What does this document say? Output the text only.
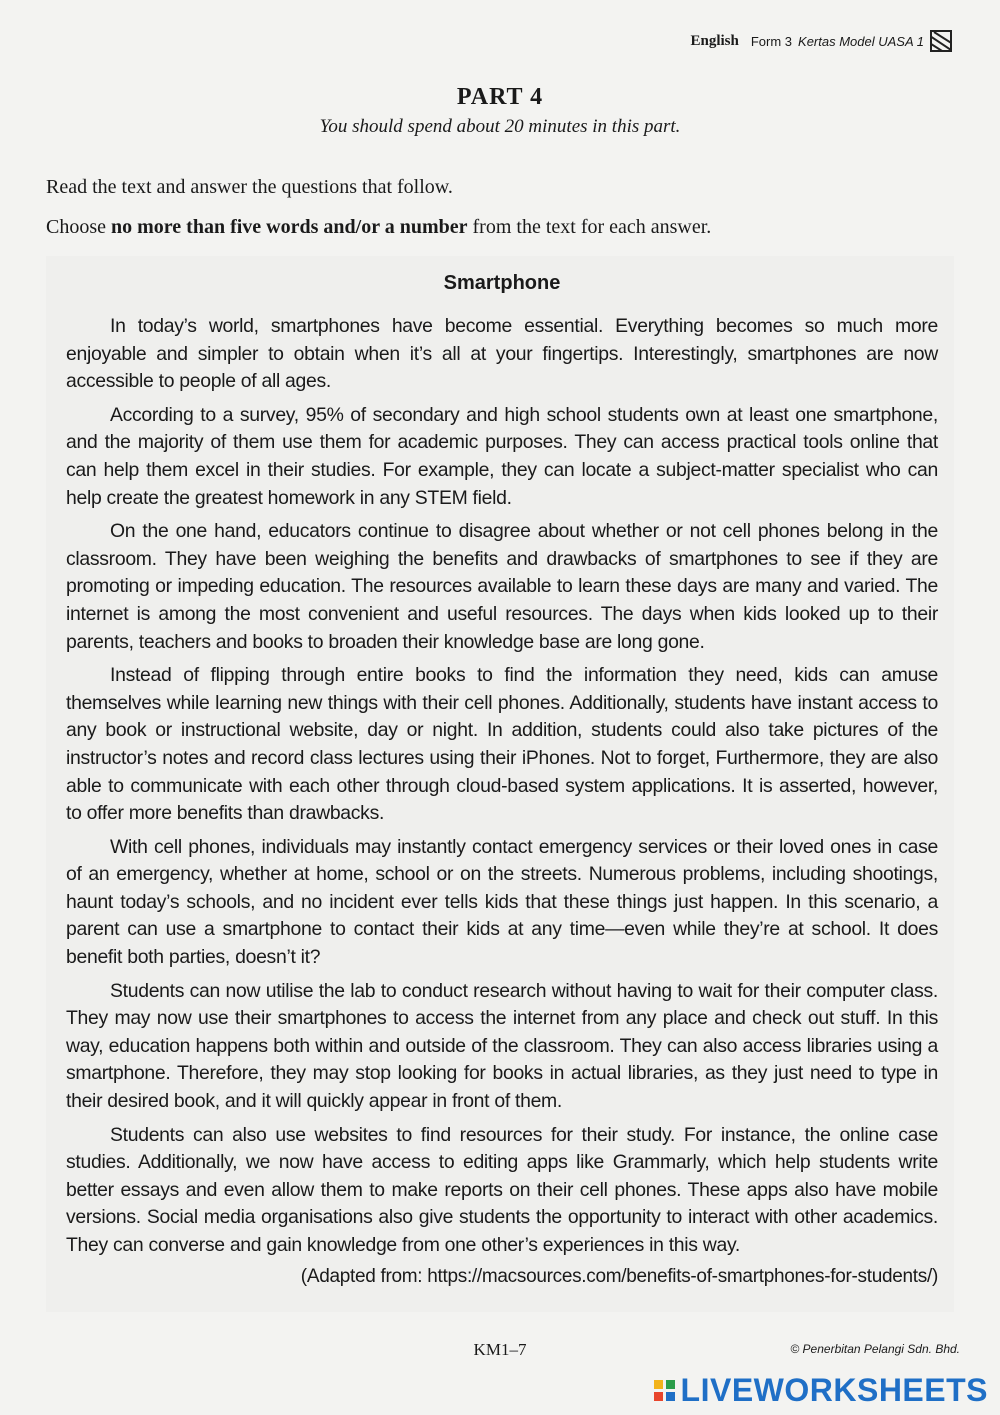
English Form 3 Kertas Model UASA 1
PART 4
You should spend about 20 minutes in this part.
Read the text and answer the questions that follow.
Choose no more than five words and/or a number from the text for each answer.
Smartphone

In today’s world, smartphones have become essential. Everything becomes so much more enjoyable and simpler to obtain when it’s all at your fingertips. Interestingly, smartphones are now accessible to people of all ages.

According to a survey, 95% of secondary and high school students own at least one smartphone, and the majority of them use them for academic purposes. They can access practical tools online that can help them excel in their studies. For example, they can locate a subject-matter specialist who can help create the greatest homework in any STEM field.

On the one hand, educators continue to disagree about whether or not cell phones belong in the classroom. They have been weighing the benefits and drawbacks of smartphones to see if they are promoting or impeding education. The resources available to learn these days are many and varied. The internet is among the most convenient and useful resources. The days when kids looked up to their parents, teachers and books to broaden their knowledge base are long gone.

Instead of flipping through entire books to find the information they need, kids can amuse themselves while learning new things with their cell phones. Additionally, students have instant access to any book or instructional website, day or night. In addition, students could also take pictures of the instructor’s notes and record class lectures using their iPhones. Not to forget, Furthermore, they are also able to communicate with each other through cloud-based system applications. It is asserted, however, to offer more benefits than drawbacks.

With cell phones, individuals may instantly contact emergency services or their loved ones in case of an emergency, whether at home, school or on the streets. Numerous problems, including shootings, haunt today’s schools, and no incident ever tells kids that these things just happen. In this scenario, a parent can use a smartphone to contact their kids at any time—even while they’re at school. It does benefit both parties, doesn’t it?

Students can now utilise the lab to conduct research without having to wait for their computer class. They may now use their smartphones to access the internet from any place and check out stuff. In this way, education happens both within and outside of the classroom. They can also access libraries using a smartphone. Therefore, they may stop looking for books in actual libraries, as they just need to type in their desired book, and it will quickly appear in front of them.

Students can also use websites to find resources for their study. For instance, the online case studies. Additionally, we now have access to editing apps like Grammarly, which help students write better essays and even allow them to make reports on their cell phones. These apps also have mobile versions. Social media organisations also give students the opportunity to interact with other academics. They can converse and gain knowledge from one other’s experiences in this way.

(Adapted from: https://macsources.com/benefits-of-smartphones-for-students/)
KM1–7	© Penerbitan Pelangi Sdn. Bhd.
LIVEWORKSHEETS
